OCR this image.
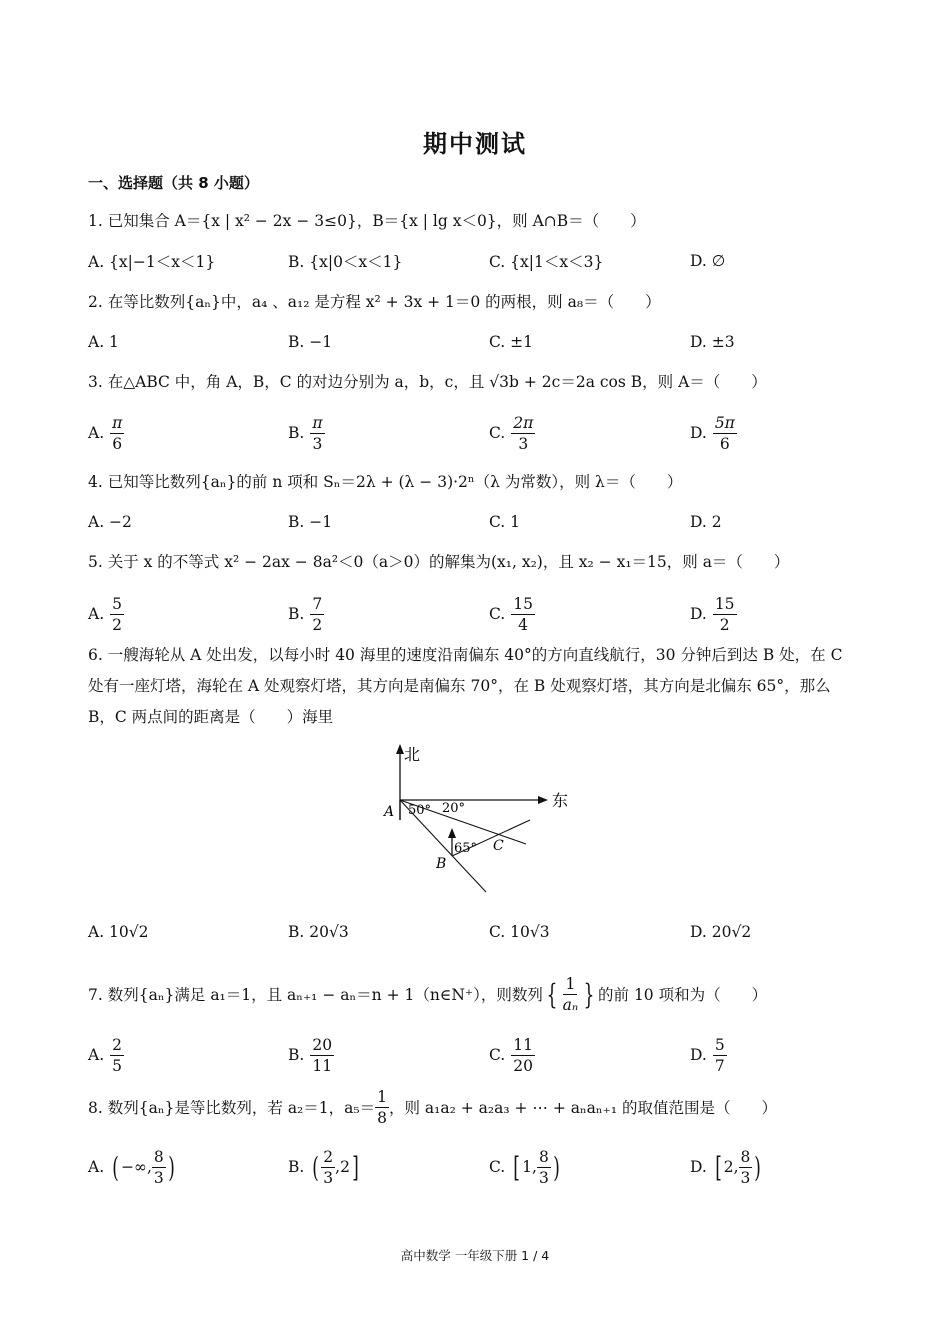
期中测试
一、选择题（共 8 小题）
1. 已知集合 A＝{x | x² − 2x − 3≤0}，B＝{x | lg x＜0}，则 A∩B＝（　　）
A. {x|−1＜x＜1}	B. {x|0＜x＜1}	C. {x|1＜x＜3}	D. ∅
2. 在等比数列{aₙ}中，a₄ 、a₁₂ 是方程 x² + 3x + 1＝0 的两根，则 a₈＝（　　）
A. 1	B. −1	C. ±1	D. ±3
3. 在△ABC 中，角 A，B，C 的对边分别为 a，b，c，且 √3b + 2c＝2a cos B，则 A＝（　　）
A. $\frac{\pi}{6}$	B. $\frac{\pi}{3}$	C. $\frac{2\pi}{3}$	D. $\frac{5\pi}{6}$
4. 已知等比数列{aₙ}的前 n 项和 Sₙ＝2λ + (λ − 3)·2ⁿ（λ 为常数），则 λ＝（　　）
A. −2	B. −1	C. 1	D. 2
5. 关于 x 的不等式 x² − 2ax − 8a²＜0（a＞0）的解集为(x₁, x₂)，且 x₂ − x₁＝15，则 a＝（　　）
A. $\frac{5}{2}$	B. $\frac{7}{2}$	C. $\frac{15}{4}$	D. $\frac{15}{2}$
6. 一艘海轮从 A 处出发，以每小时 40 海里的速度沿南偏东 40°的方向直线航行，30 分钟后到达 B 处，在 C
处有一座灯塔，海轮在 A 处观察灯塔，其方向是南偏东 70°，在 B 处观察灯塔，其方向是北偏东 65°，那么
B，C 两点间的距离是（　　）海里
北
东
A
B
C
50° 20°
65°
A. 10√2	B. 20√3	C. 10√3	D. 20√2
7. 数列{aₙ}满足 a₁＝1，且 aₙ₊₁ − aₙ＝n + 1（n∈N⁺），则数列 { $\frac{1}{\text{aₙ}}$ } 的前 10 项和为（　　）
A. $\frac{2}{5}$	B. $\frac{20}{11}$	C. $\frac{11}{20}$	D. $\frac{5}{7}$
8. 数列{aₙ}是等比数列，若 a₂＝1，$a_5= \frac{1}{8}$ ，则 a₁a₂ + a₂a₃ + ⋯ + aₙaₙ₊₁ 的取值范围是（　　）
A. ( −∞, $\frac{8}{3}$ )	B. ( $\frac{2}{3} ,2$ ]	C. [ 1, $\frac{8}{3}$ )	D. [ 2, $\frac{8}{3}$ )
高中数学 一年级下册 1 / 4
